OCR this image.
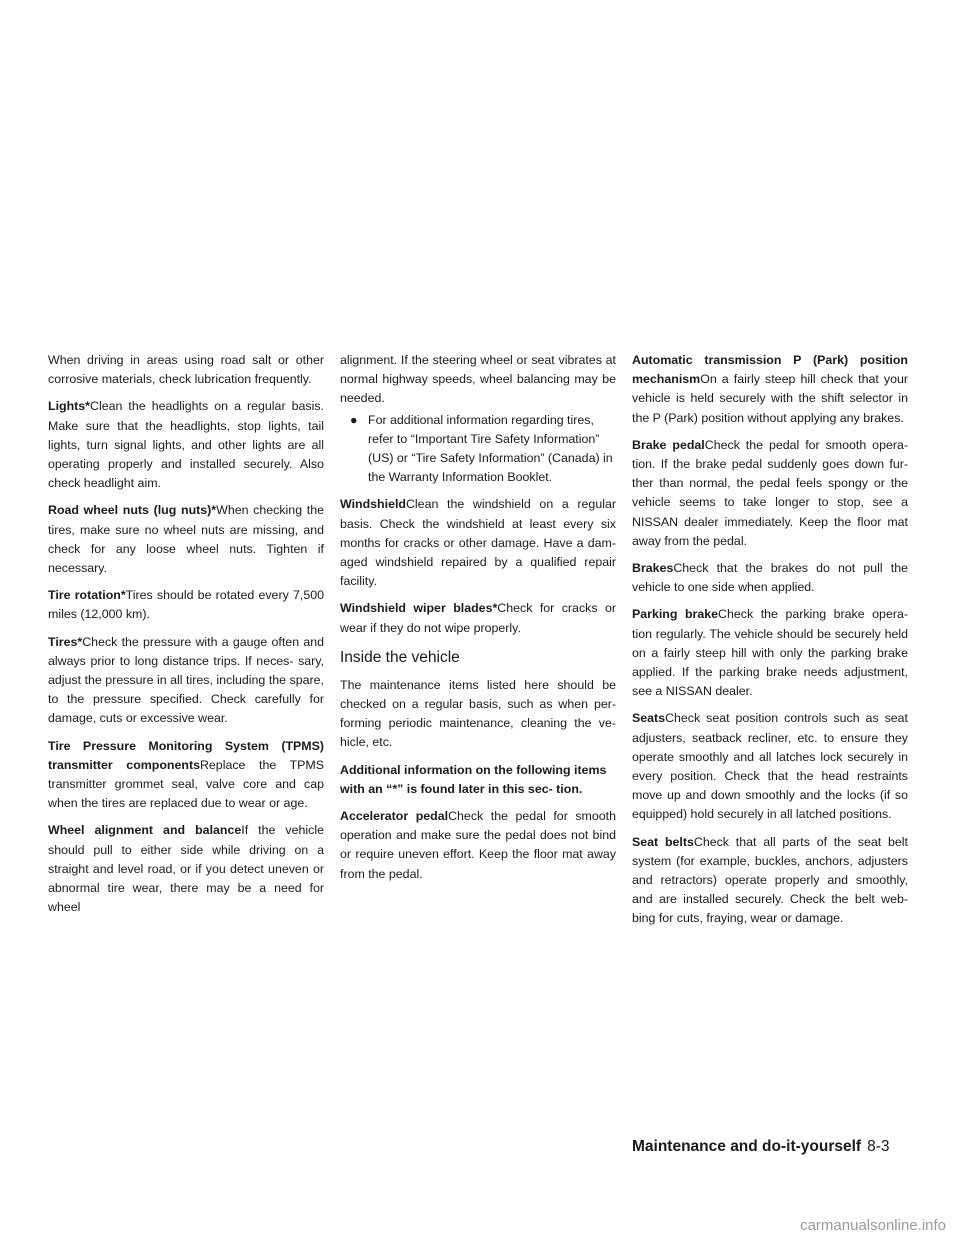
When driving in areas using road salt or other corrosive materials, check lubrication frequently.

Lights*Clean the headlights on a regular basis. Make sure that the headlights, stop lights, tail lights, turn signal lights, and other lights are all operating properly and installed securely. Also check headlight aim.

Road wheel nuts (lug nuts)*When checking the tires, make sure no wheel nuts are missing, and check for any loose wheel nuts. Tighten if necessary.

Tire rotation*Tires should be rotated every 7,500 miles (12,000 km).

Tires*Check the pressure with a gauge often and always prior to long distance trips. If neces- sary, adjust the pressure in all tires, including the spare, to the pressure specified. Check carefully for damage, cuts or excessive wear.

Tire Pressure Monitoring System (TPMS) transmitter componentsReplace the TPMS transmitter grommet seal, valve core and cap when the tires are replaced due to wear or age.

Wheel alignment and balanceIf the vehicle should pull to either side while driving on a straight and level road, or if you detect uneven or abnormal tire wear, there may be a need for wheel

alignment. If the steering wheel or seat vibrates at normal highway speeds, wheel balancing may be needed.

● For additional information regarding tires, refer to “Important Tire Safety Information” (US) or “Tire Safety Information” (Canada) in the Warranty Information Booklet.

WindshieldClean the windshield on a regular basis. Check the windshield at least every six months for cracks or other damage. Have a dam- aged windshield repaired by a qualified repair facility.

Windshield wiper blades*Check for cracks or wear if they do not wipe properly.

Inside the vehicle

The maintenance items listed here should be checked on a regular basis, such as when per- forming periodic maintenance, cleaning the ve- hicle, etc.

Additional information on the following items with an “*” is found later in this sec- tion.

Accelerator pedalCheck the pedal for smooth operation and make sure the pedal does not bind or require uneven effort. Keep the floor mat away from the pedal.

Automatic transmission P (Park) position mechanismOn a fairly steep hill check that your vehicle is held securely with the shift selector in the P (Park) position without applying any brakes.

Brake pedalCheck the pedal for smooth opera- tion. If the brake pedal suddenly goes down fur- ther than normal, the pedal feels spongy or the vehicle seems to take longer to stop, see a NISSAN dealer immediately. Keep the floor mat away from the pedal.

BrakesCheck that the brakes do not pull the vehicle to one side when applied.

Parking brakeCheck the parking brake opera- tion regularly. The vehicle should be securely held on a fairly steep hill with only the parking brake applied. If the parking brake needs adjustment, see a NISSAN dealer.

SeatsCheck seat position controls such as seat adjusters, seatback recliner, etc. to ensure they operate smoothly and all latches lock securely in every position. Check that the head restraints move up and down smoothly and the locks (if so equipped) hold securely in all latched positions.

Seat beltsCheck that all parts of the seat belt system (for example, buckles, anchors, adjusters and retractors) operate properly and smoothly, and are installed securely. Check the belt web- bing for cuts, fraying, wear or damage.

Maintenance and do-it-yourself 8-3
carmanualsonline.info
